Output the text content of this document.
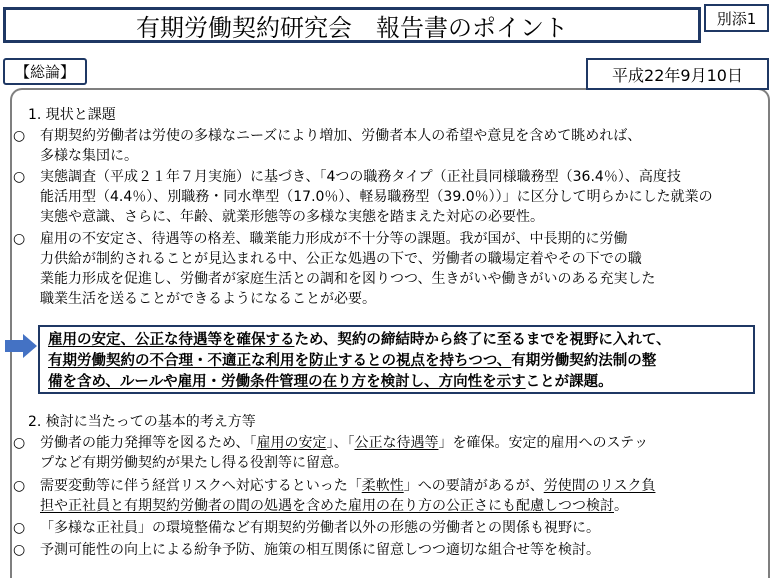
有期労働契約研究会　報告書のポイント	別添1
【総論】	平成22年9月10日
1. 現状と課題
○ 有期契約労働者は労使の多様なニーズにより増加、労働者本人の希望や意見を含めて眺めれば、
多様な集団に。
○ 実態調査（平成２１年７月実施）に基づき、「4つの職務タイプ（正社員同様職務型（36.4％）、高度技
能活用型（4.4％）、別職務・同水準型（17.0％）、軽易職務型（39.0％））」に区分して明らかにした就業の
実態や意識、さらに、年齢、就業形態等の多様な実態を踏まえた対応の必要性。
○ 雇用の不安定さ、待遇等の格差、職業能力形成が不十分等の課題。我が国が、中長期的に労働
力供給が制約されることが見込まれる中、公正な処遇の下で、労働者の職場定着やその下での職
業能力形成を促進し、労働者が家庭生活との調和を図りつつ、生きがいや働きがいのある充実した
職業生活を送ることができるようになることが必要。
雇用の安定、公正な待遇等を確保するため、契約の締結時から終了に至るまでを視野に入れて、
有期労働契約の不合理・不適正な利用を防止するとの視点を持ちつつ、有期労働契約法制の整
備を含め、ルールや雇用・労働条件管理の在り方を検討し、方向性を示すことが課題。
2. 検討に当たっての基本的考え方等
○ 労働者の能力発揮等を図るため、「雇用の安定」、「公正な待遇等」を確保。安定的雇用へのステッ
プなど有期労働契約が果たし得る役割等に留意。
○ 需要変動等に伴う経営リスクへ対応するといった「柔軟性」への要請があるが、労使間のリスク負
担や正社員と有期契約労働者の間の処遇を含めた雇用の在り方の公正さにも配慮しつつ検討。
○ 「多様な正社員」の環境整備など有期契約労働者以外の形態の労働者との関係も視野に。
○ 予測可能性の向上による紛争予防、施策の相互関係に留意しつつ適切な組合せ等を検討。
